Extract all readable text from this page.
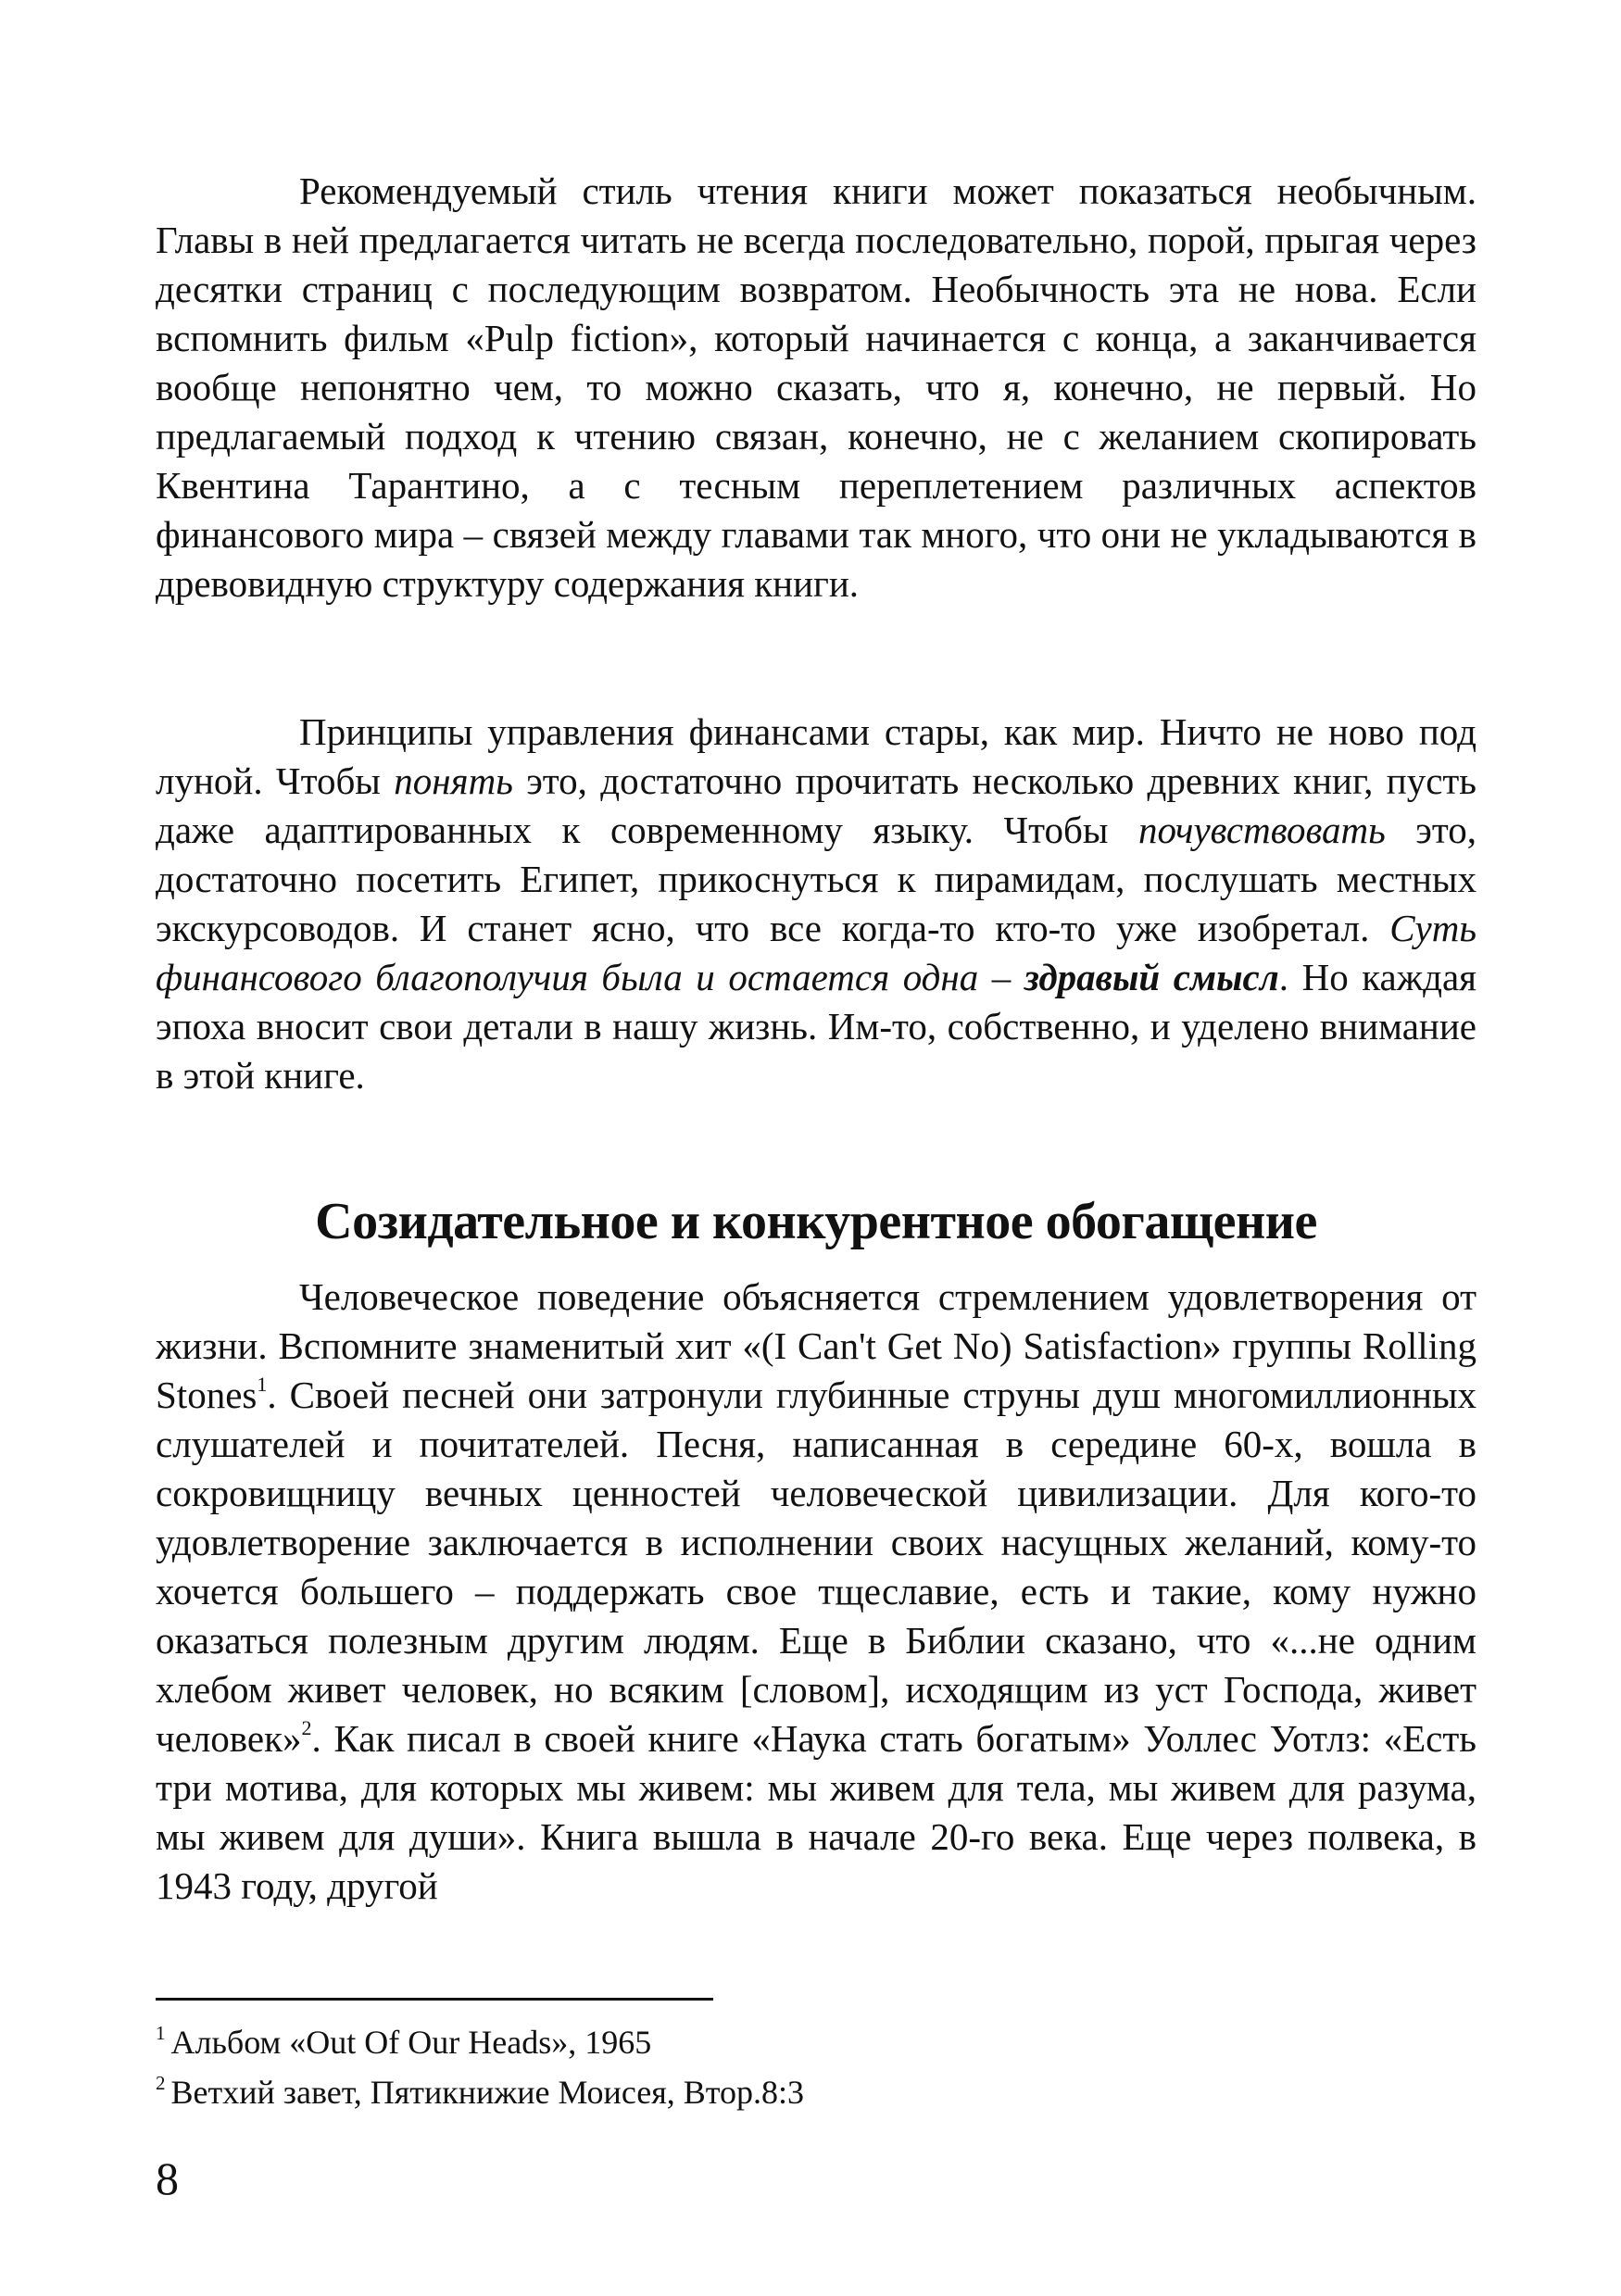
Рекомендуемый стиль чтения книги может показаться необычным. Главы в ней предлагается читать не всегда последовательно, порой, прыгая через десятки страниц с последующим возвратом. Необычность эта не нова. Если вспомнить фильм «Pulp fiction», который начинается с конца, а заканчивается вообще непонятно чем, то можно сказать, что я, конечно, не первый. Но предлагаемый подход к чтению связан, конечно, не с желанием скопировать Квентина Тарантино, а с тесным переплетением различных аспектов финансового мира – связей между главами так много, что они не укладываются в древовидную структуру содержания книги.

Принципы управления финансами стары, как мир. Ничто не ново под луной. Чтобы понять это, достаточно прочитать несколько древних книг, пусть даже адаптированных к современному языку. Чтобы почувствовать это, достаточно посетить Египет, прикоснуться к пирамидам, послушать местных экскурсоводов. И станет ясно, что все когда-то кто-то уже изобретал. Суть финансового благополучия была и остается одна – здравый смысл. Но каждая эпоха вносит свои детали в нашу жизнь. Им-то, собственно, и уделено внимание в этой книге.

Созидательное и конкурентное обогащение

Человеческое поведение объясняется стремлением удовлетворения от жизни. Вспомните знаменитый хит «(I Can't Get No) Satisfaction» группы Rolling Stones$^1$. Своей песней они затронули глубинные струны душ многомиллионных слушателей и почитателей. Песня, написанная в середине 60-х, вошла в сокровищницу вечных ценностей человеческой цивилизации. Для кого-то удовлетворение заключается в исполнении своих насущных желаний, кому-то хочется большего – поддержать свое тщеславие, есть и такие, кому нужно оказаться полезным другим людям. Еще в Библии сказано, что «...не одним хлебом живет человек, но всяким [словом], исходящим из уст Господа, живет человек»$^2$. Как писал в своей книге «Наука стать богатым» Уоллес Уотлз: «Есть три мотива, для которых мы живем: мы живем для тела, мы живем для разума, мы живем для души». Книга вышла в начале 20-го века. Еще через полвека, в 1943 году, другой

$^1$ Альбом «Out Of Our Heads», 1965

$^2$ Ветхий завет, Пятикнижие Моисея, Втор.8:3

8
